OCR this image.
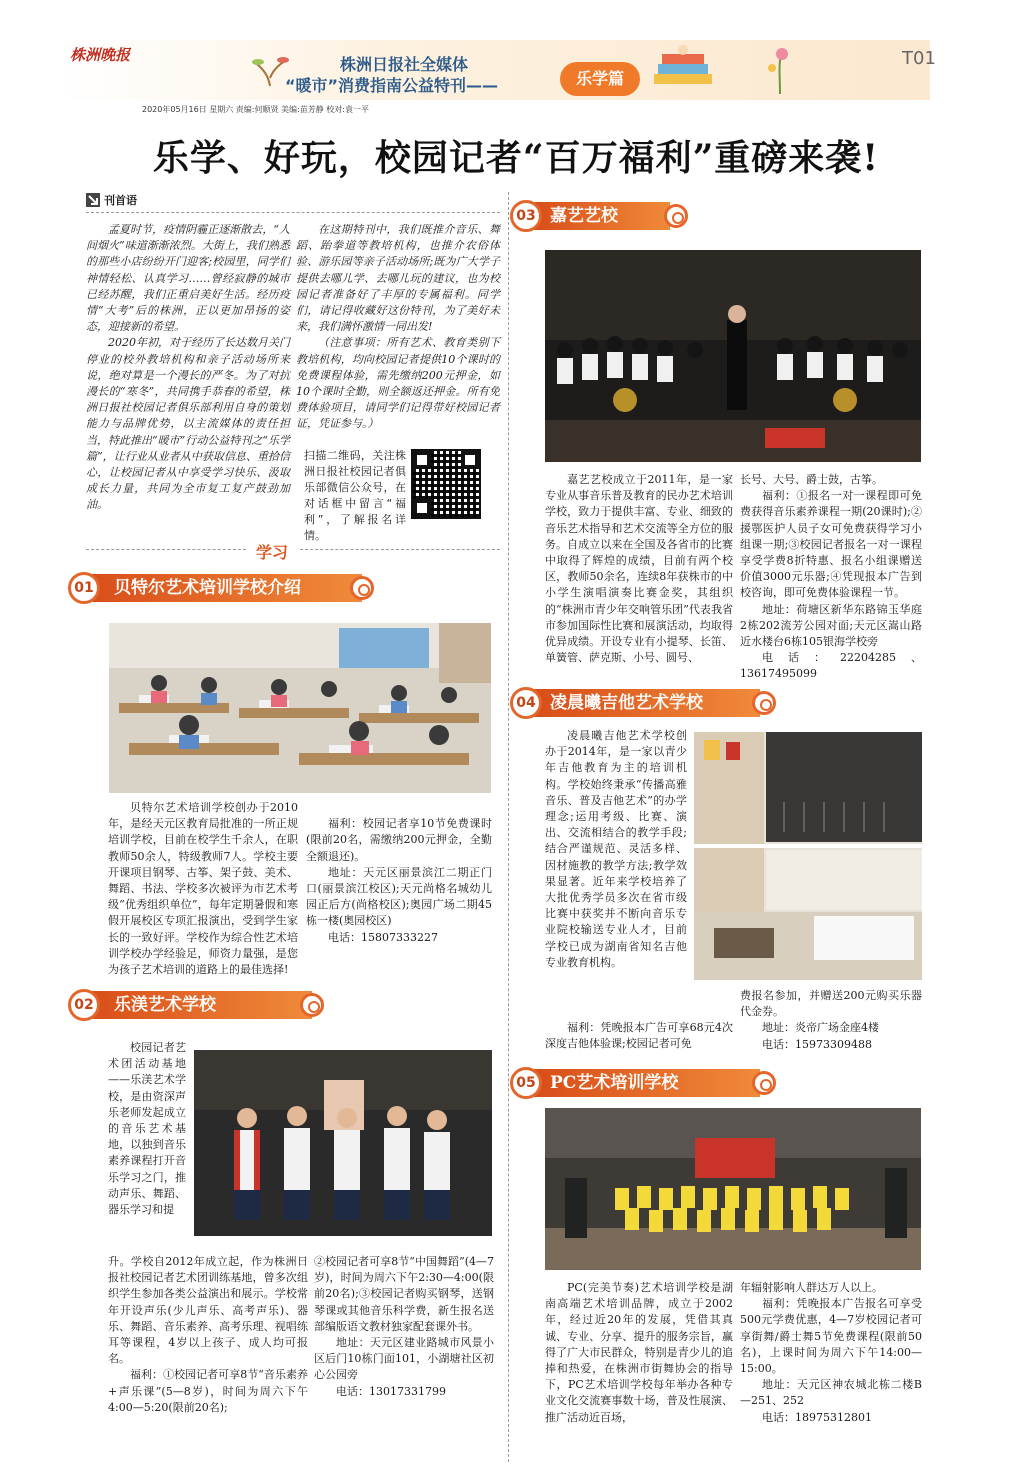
株洲晚报	T01
株洲日报社全媒体
“暖市”消费指南公益特刊——	乐学篇
2020年05月16日 星期六 责编:何顺贤 美编:苗芳静 校对:袁一平
乐学、好玩，校园记者“百万福利”重磅来袭!
刊首语

孟夏时节，疫情阴霾正逐渐散去，“人间烟火”味道渐渐浓烈。大街上，我们熟悉的那些小店纷纷开门迎客;校园里，同学们神情轻松、认真学习……曾经寂静的城市已经苏醒，我们正重启美好生活。经历疫情“大考”后的株洲，正以更加昂扬的姿态，迎接新的希望。

2020年初，对于经历了长达数月关门停业的校外教培机构和亲子活动场所来说，绝对算是一个漫长的严冬。为了对抗漫长的“寒冬”，共同携手恭春的希望，株洲日报社校园记者俱乐部利用自身的策划能力与品牌优势，以主流媒体的责任担当，特此推出“暖市”行动公益特刊之“乐学篇”，让行业从业者从中获取信息、重拾信心，让校园记者从中享受学习快乐、汲取成长力量，共同为全市复工复产鼓劲加油。

在这期特刊中，我们既推介音乐、舞蹈、跆拳道等教培机构，也推介农俗体验、游乐园等亲子活动场所;既为广大学子提供去哪儿学、去哪儿玩的建议，也为校园记者准备好了丰厚的专属福利。同学们，请记得收藏好这份特刊，为了美好未来，我们满怀激情一同出发!

（注意事项：所有艺术、教育类别下教培机构，均向校园记者提供10个课时的免费课程体验，需先缴纳200元押金，如10个课时全勤，则全额返还押金。所有免费体验项目，请同学们记得带好校园记者证，凭证参与。）

扫描二维码，关注株洲日报社校园记者俱乐部微信公众号，在对话框中留言“福利”，了解报名详情。
学习
01	贝特尔艺术培训学校介绍
贝特尔艺术培训学校创办于2010年，是经天元区教育局批准的一所正规培训学校，目前在校学生千余人，在职教师50余人，特级教师7人。学校主要开课项目钢琴、古筝、架子鼓、美术、舞蹈、书法、学校多次被评为市艺术考级“优秀组织单位”，每年定期暑假和寒假开展校区专项汇报演出，受到学生家长的一致好评。学校作为综合性艺术培训学校办学经验足，师资力量强，是您为孩子艺术培训的道路上的最佳选择!

福利：校园记者享10节免费课时(限前20名，需缴纳200元押金，全勤全额退还)。

地址：天元区丽景滨江二期正门口(丽景滨江校区);天元尚格名城幼儿园正后方(尚格校区);奥园广场二期45栋一楼(奥园校区)

电话：15807333227

02	乐渼艺术学校
校园记者艺术团活动基地——乐渼艺术学校，是由资深声乐老师发起成立的音乐艺术基地，以独到音乐素养课程打开音乐学习之门，推动声乐、舞蹈、器乐学习和提

升。学校自2012年成立起，作为株洲日报社校园记者艺术团训练基地，曾多次组织学生参加各类公益演出和展示。学校常年开设声乐(少儿声乐、高考声乐)、器乐、舞蹈、音乐素养、高考乐理、视唱练耳等课程，4岁以上孩子、成人均可报名。

福利：①校园记者可享8节“音乐素养+声乐课”(5—8岁)，时间为周六下午4:00—5:20(限前20名);

②校园记者可享8节“中国舞蹈”(4—7岁)，时间为周六下午2:30—4:00(限前20名);③校园记者购买钢琴，送钢琴课或其他音乐科学费，新生报名送部编版语文教材独家配套课外书。

地址：天元区建业路城市风景小区后门10栋门面101，小湖塘社区初心公园旁

电话：13017331799

03 嘉艺艺校
嘉艺艺校成立于2011年，是一家专业从事音乐普及教育的民办艺术培训学校，致力于提供丰富、专业、细致的音乐艺术指导和艺术交流等全方位的服务。自成立以来在全国及各省市的比赛中取得了辉煌的成绩，目前有两个校区，教师50余名，连续8年获株市的中小学生演唱演奏比赛金奖，其组织的“株洲市青少年交响管乐团”代表我省市参加国际性比赛和展演活动，均取得优异成绩。开设专业有小提琴、长笛、单簧管、萨克斯、小号、圆号、

长号、大号、爵士鼓，古筝。

福利：①报名一对一课程即可免费获得音乐素养课程一期(20课时);②援鄂医护人员子女可免费获得学习小组课一期;③校园记者报名一对一课程享受学费8折特惠、报名小组课赠送价值3000元乐器;④凭现报本广告到校咨询，即可免费体验课程一节。

地址：荷塘区新华东路锦玉华庭2栋202流芳公园对面;天元区嵩山路近水楼台6栋105银海学校旁

电话：22204285、13617495099

04 凌晨曦吉他艺术学校
凌晨曦吉他艺术学校创办于2014年，是一家以青少年吉他教育为主的培训机构。学校始终秉承“传播高雅音乐、普及吉他艺术”的办学理念;运用考级、比赛、演出、交流相结合的教学手段;结合严谨规范、灵活多样、因材施教的教学方法;教学效果显著。近年来学校培养了大批优秀学员多次在省市级比赛中获奖并不断向音乐专业院校输送专业人才，目前学校已成为湖南省知名吉他专业教育机构。

福利：凭晚报本广告可享68元4次深度吉他体验课;校园记者可免

费报名参加，并赠送200元购买乐器代金券。

地址：炎帝广场金座4楼

电话：15973309488

05 PC艺术培训学校
PC(完美节奏)艺术培训学校是湖南高端艺术培训品牌，成立于2002年，经过近20年的发展，凭借其真诚、专业、分享、提升的服务宗旨，赢得了广大市民群众，特别是青少儿的追捧和热爱，在株洲市街舞协会的指导下，PC艺术培训学校每年举办各种专业文化交流赛事数十场，普及性展演、推广活动近百场，

年辐射影响人群达万人以上。

福利：凭晚报本广告报名可享受500元学费优惠，4—7岁校园记者可享街舞/爵士舞5节免费课程(限前50名)，上课时间为周六下午14:00—15:00。

地址：天元区神农城北栋二楼B—251、252

电话：18975312801
